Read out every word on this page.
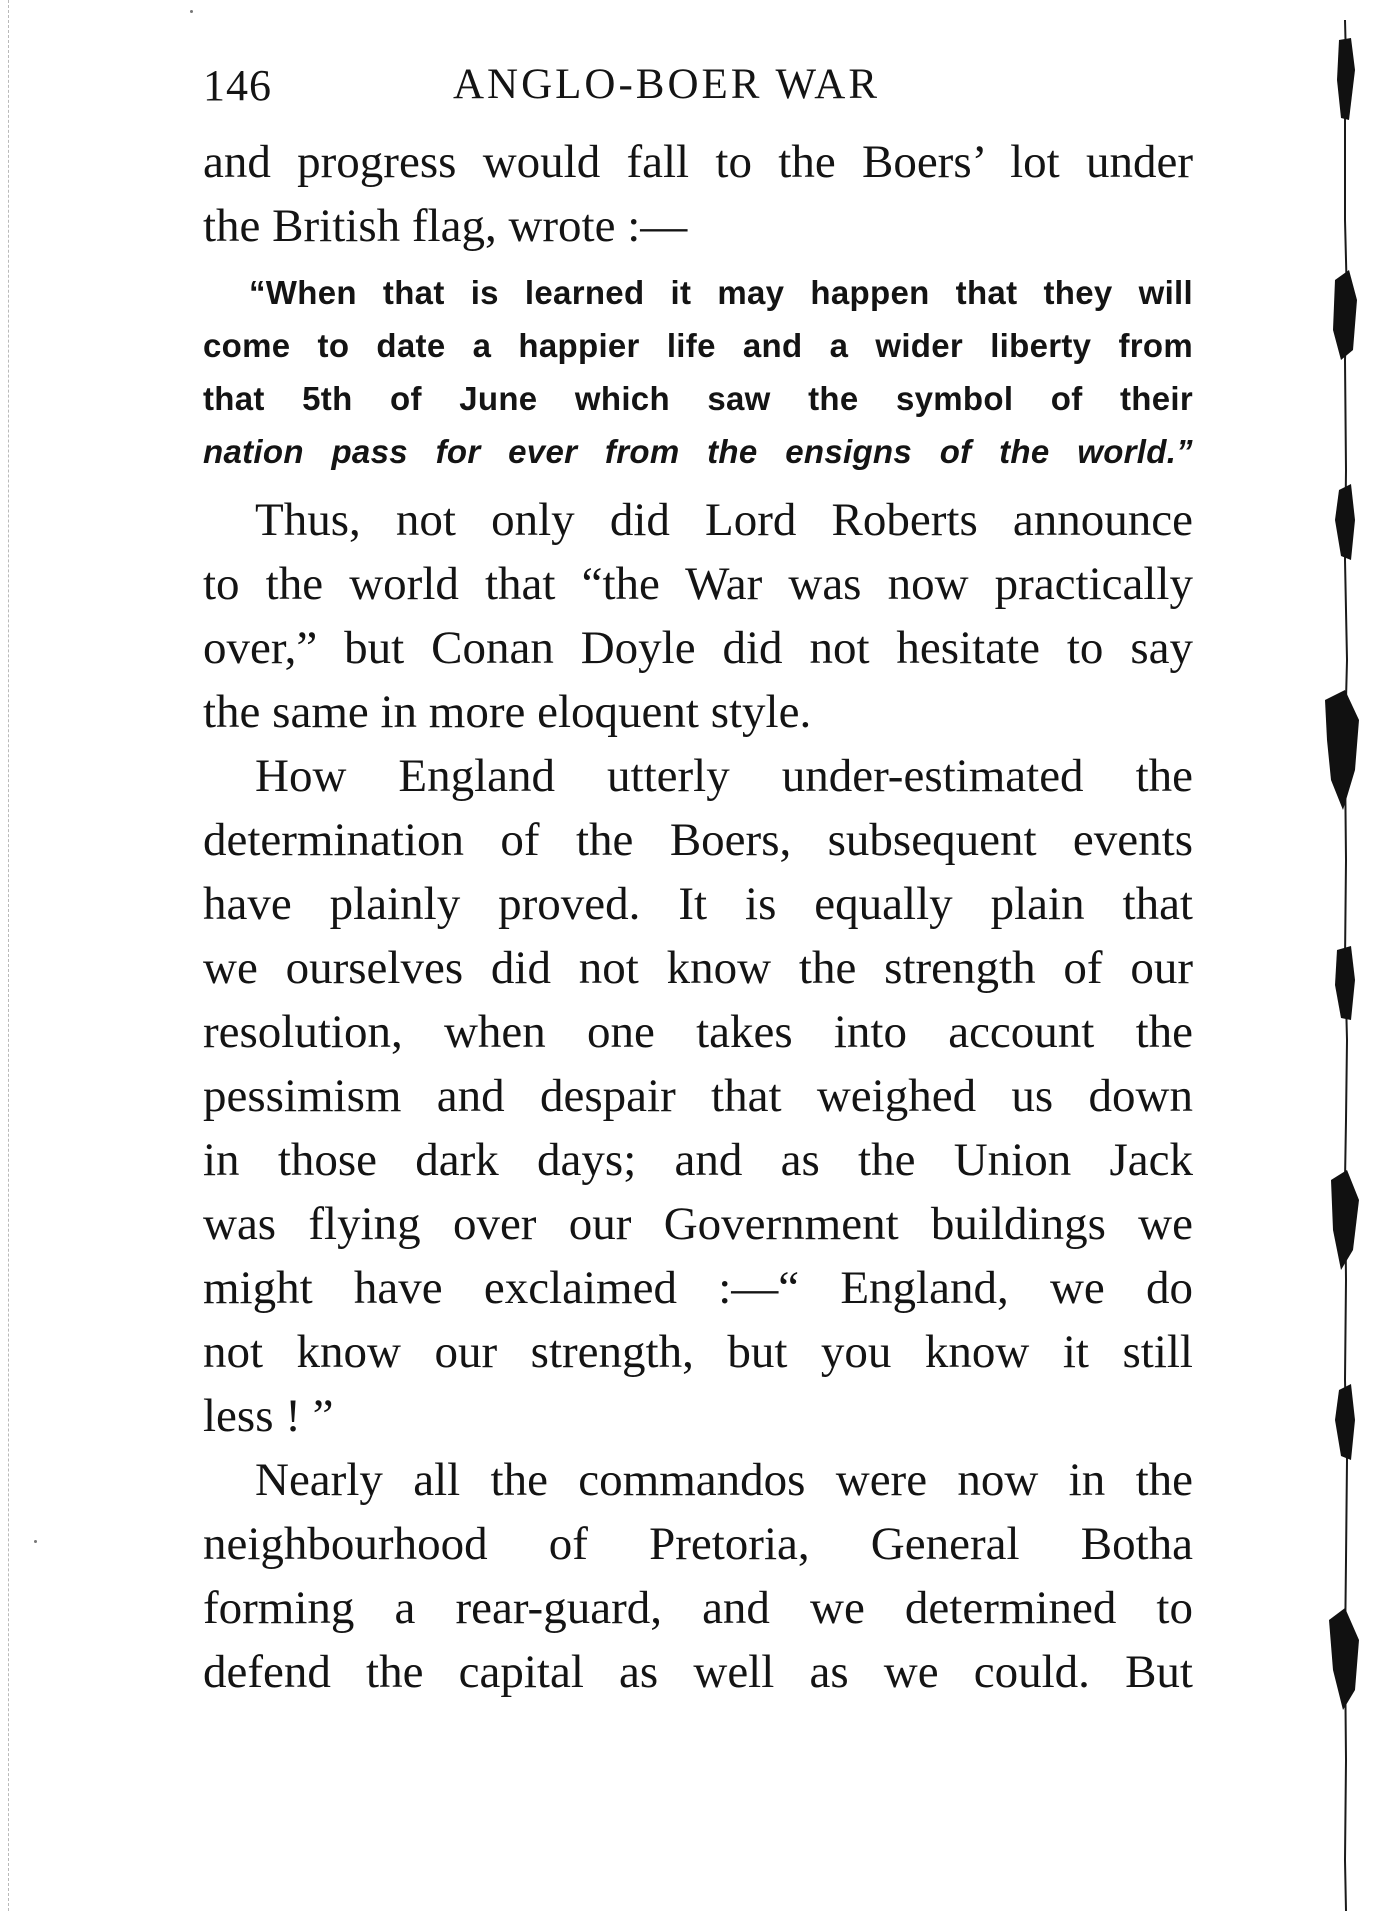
146	ANGLO-BOER WAR
and progress would fall to the Boers’ lot under
the British flag, wrote :—
“When that is learned it may happen that they will
come to date a happier life and a wider liberty from
that 5th of June which saw the symbol of their
nation pass for ever from the ensigns of the world.”
Thus, not only did Lord Roberts announce
to the world that “the War was now practically
over,” but Conan Doyle did not hesitate to say
the same in more eloquent style.
How England utterly under-estimated the
determination of the Boers, subsequent events
have plainly proved. It is equally plain that
we ourselves did not know the strength of our
resolution, when one takes into account the
pessimism and despair that weighed us down
in those dark days; and as the Union Jack
was flying over our Government buildings we
might have exclaimed :—“ England, we do
not know our strength, but you know it still
less ! ”
Nearly all the commandos were now in the
neighbourhood of Pretoria, General Botha
forming a rear-guard, and we determined to
defend the capital as well as we could. But
